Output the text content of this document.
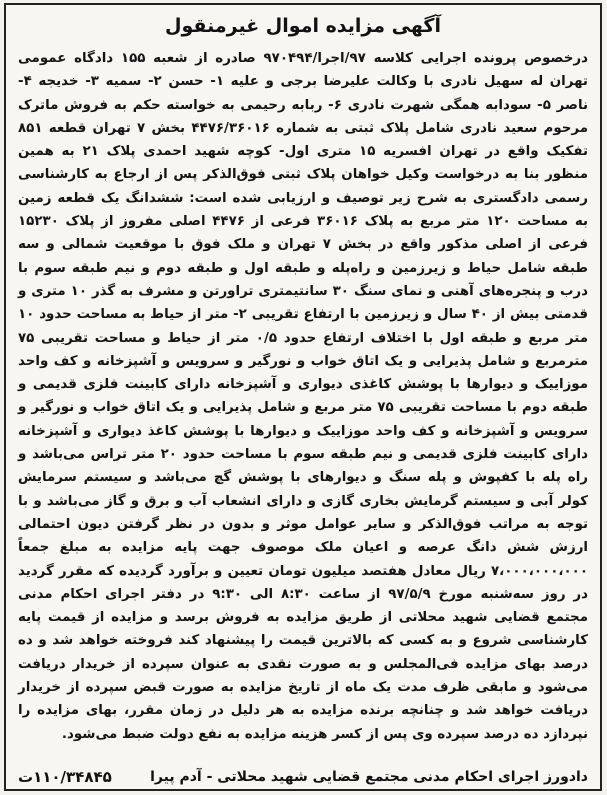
آگهی مزایده اموال غیرمنقول
درخصوص پرونده اجرایی کلاسه ۹۷/اجرا/۹۷۰۴۹۴ صادره از شعبه ۱۵۵ دادگاه عمومی تهران له سهیل نادری با وکالت علیرضا برجی و علیه ۱- حسن ۲- سمیه ۳- خدیجه ۴- ناصر ۵- سودابه همگی شهرت نادری ۶- ربابه رحیمی به خواسته حکم به فروش ماترک مرحوم سعید نادری شامل پلاک ثبتی به شماره ۴۴۷۶/۳۶۰۱۶ بخش ۷ تهران قطعه ۸۵۱ تفکیک واقع در تهران افسریه ۱۵ متری اول- کوچه شهید احمدی پلاک ۲۱ به همین منظور بنا به درخواست وکیل خواهان پلاک ثبتی فوق‌الذکر پس از ارجاع به کارشناسی رسمی دادگستری به شرح زیر توصیف و ارزیابی شده است: ششدانگ یک قطعه زمین به مساحت ۱۲۰ متر مربع به پلاک ۳۶۰۱۶ فرعی از ۴۴۷۶ اصلی مفروز از پلاک ۱۵۲۳۰ فرعی از اصلی مذکور واقع در بخش ۷ تهران و ملک فوق با موقعیت شمالی و سه طبقه شامل حیاط و زیرزمین و راه‌پله و طبقه اول و طبقه دوم و نیم طبقه سوم با درب و پنجره‌های آهنی و نمای سنگ ۳۰ سانتیمتری تراورتن و مشرف به گذر ۱۰ متری و قدمتی بیش از ۴۰ سال و زیرزمین با ارتفاع تقریبی ۲- متر از حیاط به مساحت حدود ۱۰ متر مربع و طبقه اول با اختلاف ارتفاع حدود ۰/۵ متر از حیاط و مساحت تقریبی ۷۵ مترمربع و شامل پذیرایی و یک اتاق خواب و نورگیر و سرویس و آشپزخانه و کف واحد موزاییک و دیوارها با پوشش کاغذی دیواری و آشپزخانه دارای کابینت فلزی قدیمی و طبقه دوم با مساحت تقریبی ۷۵ متر مربع و شامل پذیرایی و یک اتاق خواب و نورگیر و سرویس و آشپزخانه و کف واحد موزاییک و دیوارها با پوشش کاغذ دیواری و آشپزخانه دارای کابینت فلزی قدیمی و نیم طبقه سوم با مساحت حدود ۲۰ متر تراس می‌باشد و راه پله با کفپوش و پله سنگ و دیوارهای با پوشش گچ می‌باشد و سیستم سرمایش کولر آبی و سیستم گرمایش بخاری گازی و دارای انشعاب آب و برق و گاز می‌باشد و با توجه به مراتب فوق‌الذکر و سایر عوامل موثر و بدون در نظر گرفتن دیون احتمالی ارزش شش دانگ عرصه و اعیان ملک موصوف جهت پایه مزایده به مبلغ جمعاً ۷،۰۰۰،۰۰۰،۰۰۰ ریال معادل هفتصد میلیون تومان تعیین و برآورد گردیده که مقرر گردید در روز سه‌شنبه مورخ ۹۷/۵/۹ از ساعت ۸:۳۰ الی ۹:۳۰ در دفتر اجرای احکام مدنی مجتمع قضایی شهید محلاتی از طریق مزایده به فروش برسد و مزایده از قیمت پایه کارشناسی شروع و به کسی که بالاترین قیمت را پیشنهاد کند فروخته خواهد شد و ده درصد بهای مزایده فی‌المجلس و به صورت نقدی به عنوان سپرده از خریدار دریافت می‌شود و مابقی ظرف مدت یک ماه از تاریخ مزایده به صورت قبض سپرده از خریدار دریافت خواهد شد و چنانچه برنده مزایده به هر دلیل در زمان مقرر، بهای مزایده را نپردازد ده درصد سپرده وی پس از کسر هزینه مزایده به نفع دولت ضبط می‌شود.
دادورز اجرای احکام مدنی مجتمع قضایی شهید محلاتی - آدم پیرا
۱۱۰/۳۴۸۴۵ت
